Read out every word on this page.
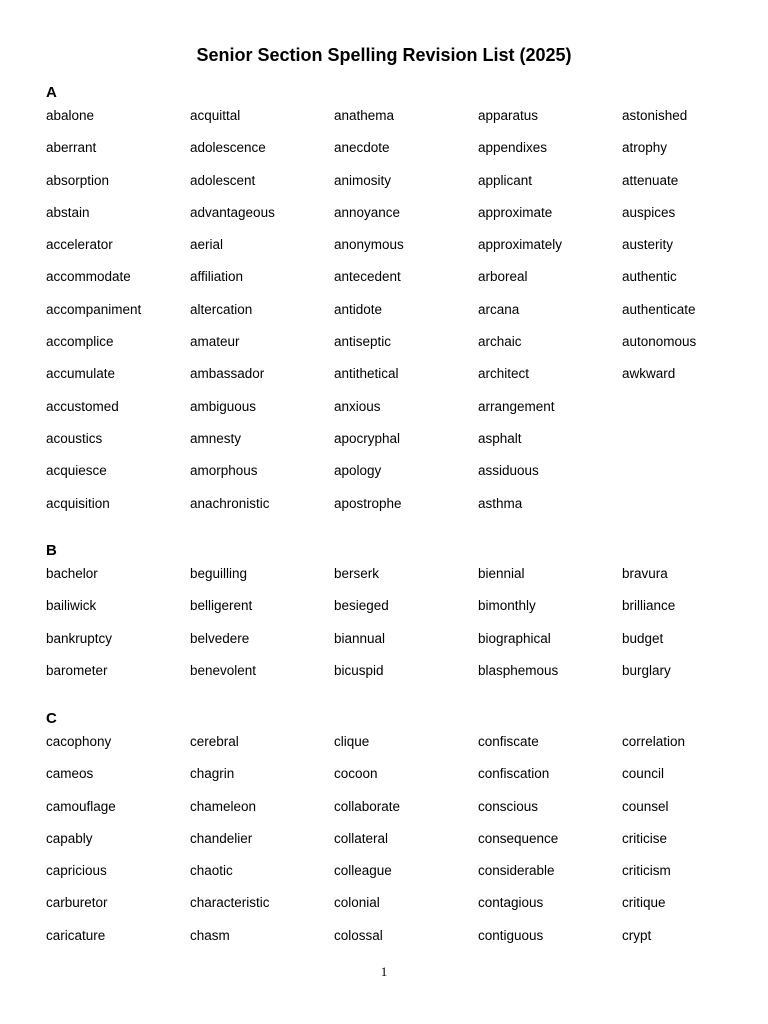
Senior Section Spelling Revision List (2025)
A
abalone
aberrant
absorption
abstain
accelerator
accommodate
accompaniment
accomplice
accumulate
accustomed
acoustics
acquiesce
acquisition
acquittal
adolescence
adolescent
advantageous
aerial
affiliation
altercation
amateur
ambassador
ambiguous
amnesty
amorphous
anachronistic
anathema
anecdote
animosity
annoyance
anonymous
antecedent
antidote
antiseptic
antithetical
anxious
apocryphal
apology
apostrophe
apparatus
appendixes
applicant
approximate
approximately
arboreal
arcana
archaic
architect
arrangement
asphalt
assiduous
asthma
astonished
atrophy
attenuate
auspices
austerity
authentic
authenticate
autonomous
awkward
B
bachelor
bailiwick
bankruptcy
barometer
beguilling
belligerent
belvedere
benevolent
berserk
besieged
biannual
bicuspid
biennial
bimonthly
biographical
blasphemous
bravura
brilliance
budget
burglary
C
cacophony
cameos
camouflage
capably
capricious
carburetor
caricature
cerebral
chagrin
chameleon
chandelier
chaotic
characteristic
chasm
clique
cocoon
collaborate
collateral
colleague
colonial
colossal
confiscate
confiscation
conscious
consequence
considerable
contagious
contiguous
correlation
council
counsel
criticise
criticism
critique
crypt
1
